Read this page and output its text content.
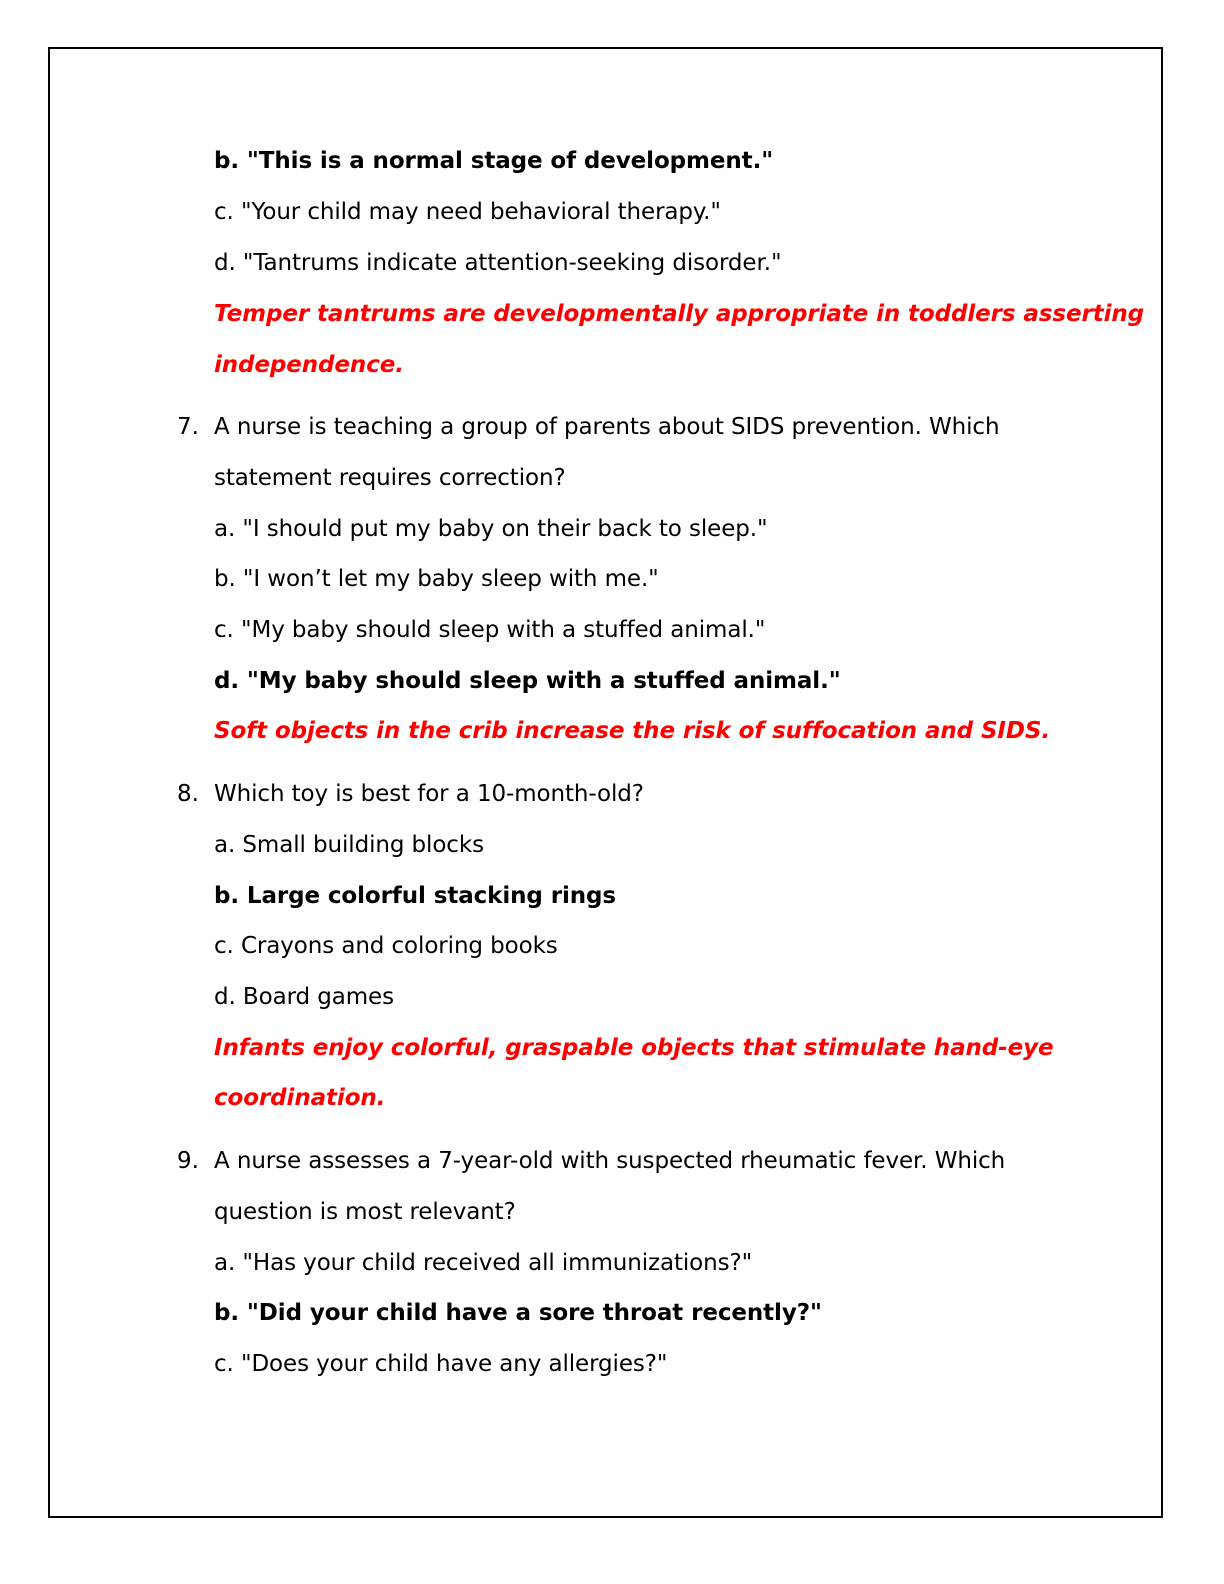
b. "This is a normal stage of development."
c. "Your child may need behavioral therapy."
d. "Tantrums indicate attention-seeking disorder."
Temper tantrums are developmentally appropriate in toddlers asserting
independence.
7. A nurse is teaching a group of parents about SIDS prevention. Which
statement requires correction?
a. "I should put my baby on their back to sleep."
b. "I won’t let my baby sleep with me."
c. "My baby should sleep with a stuffed animal."
d. "My baby should sleep with a stuffed animal."
Soft objects in the crib increase the risk of suffocation and SIDS.
8. Which toy is best for a 10-month-old?
a. Small building blocks
b. Large colorful stacking rings
c. Crayons and coloring books
d. Board games
Infants enjoy colorful, graspable objects that stimulate hand-eye
coordination.
9. A nurse assesses a 7-year-old with suspected rheumatic fever. Which
question is most relevant?
a. "Has your child received all immunizations?"
b. "Did your child have a sore throat recently?"
c. "Does your child have any allergies?"
